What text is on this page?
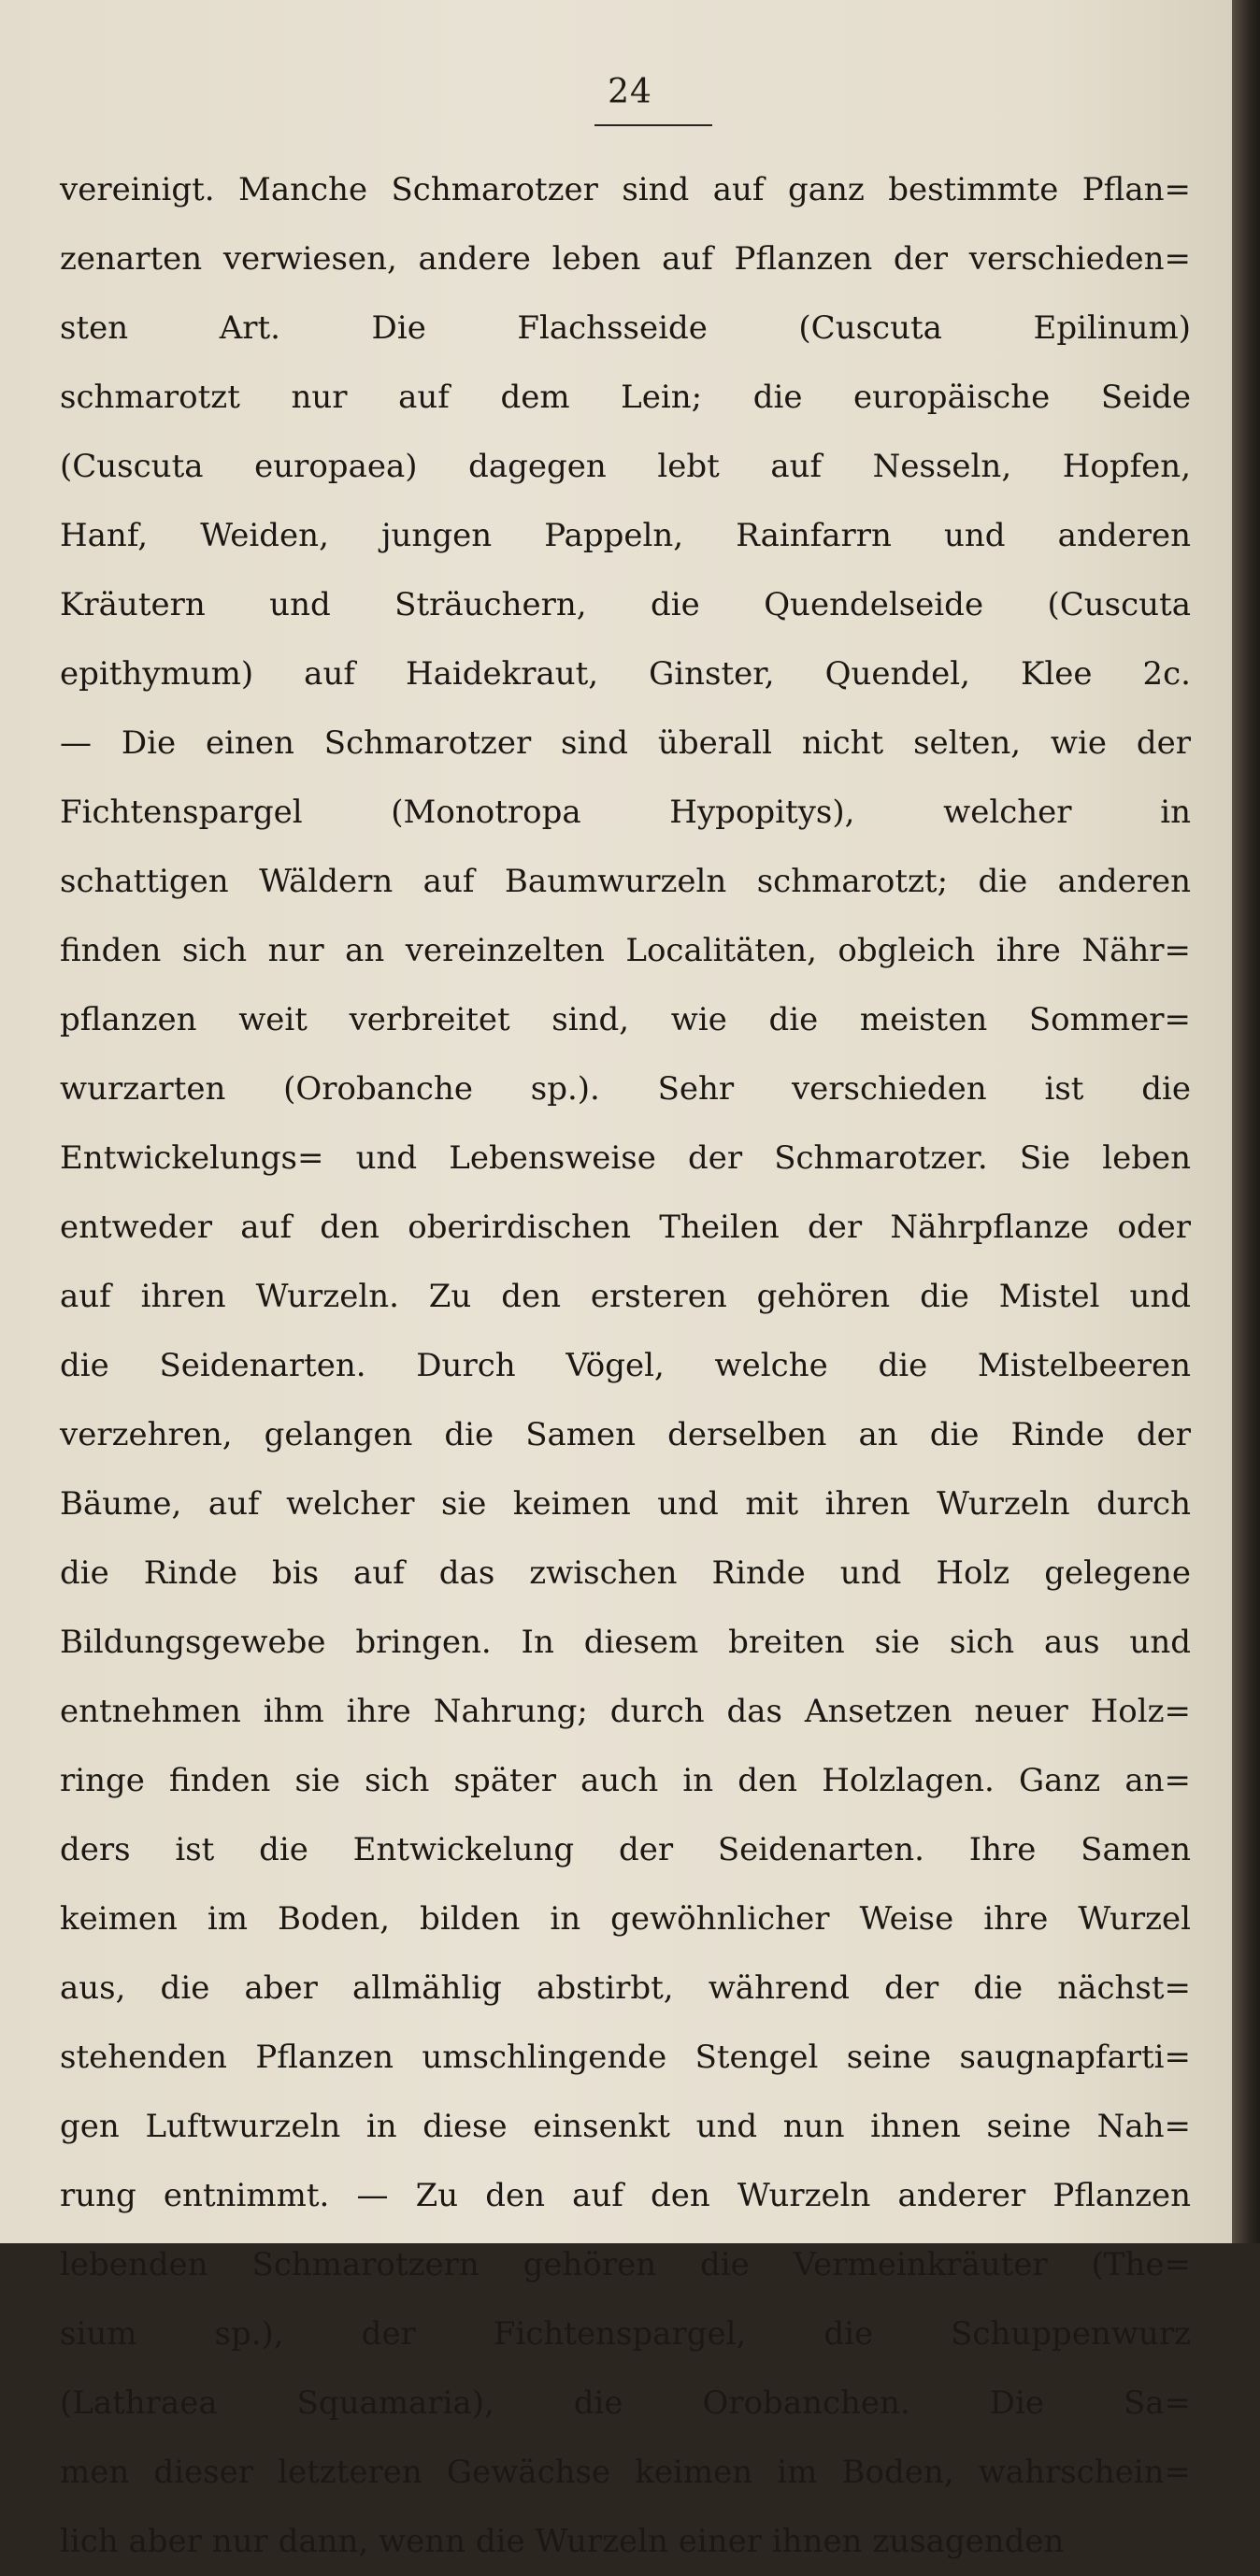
24
vereinigt. Manche Schmarotzer sind auf ganz bestimmte Pflan=
zenarten verwiesen, andere leben auf Pflanzen der verschieden=
sten Art. Die Flachsseide (Cuscuta Epilinum)
schmarotzt nur auf dem Lein; die europäische Seide
(Cuscuta europaea) dagegen lebt auf Nesseln, Hopfen,
Hanf, Weiden, jungen Pappeln, Rainfarrn und anderen
Kräutern und Sträuchern, die Quendelseide (Cuscuta
epithymum) auf Haidekraut, Ginster, Quendel, Klee 2c.
— Die einen Schmarotzer sind überall nicht selten, wie der
Fichtenspargel (Monotropa Hypopitys), welcher in
schattigen Wäldern auf Baumwurzeln schmarotzt; die anderen
finden sich nur an vereinzelten Localitäten, obgleich ihre Nähr=
pflanzen weit verbreitet sind, wie die meisten Sommer=
wurzarten (Orobanche sp.). Sehr verschieden ist die
Entwickelungs= und Lebensweise der Schmarotzer. Sie leben
entweder auf den oberirdischen Theilen der Nährpflanze oder
auf ihren Wurzeln. Zu den ersteren gehören die Mistel und
die Seidenarten. Durch Vögel, welche die Mistelbeeren
verzehren, gelangen die Samen derselben an die Rinde der
Bäume, auf welcher sie keimen und mit ihren Wurzeln durch
die Rinde bis auf das zwischen Rinde und Holz gelegene
Bildungsgewebe bringen. In diesem breiten sie sich aus und
entnehmen ihm ihre Nahrung; durch das Ansetzen neuer Holz=
ringe finden sie sich später auch in den Holzlagen. Ganz an=
ders ist die Entwickelung der Seidenarten. Ihre Samen
keimen im Boden, bilden in gewöhnlicher Weise ihre Wurzel
aus, die aber allmählig abstirbt, während der die nächst=
stehenden Pflanzen umschlingende Stengel seine saugnapfarti=
gen Luftwurzeln in diese einsenkt und nun ihnen seine Nah=
rung entnimmt. — Zu den auf den Wurzeln anderer Pflanzen
lebenden Schmarotzern gehören die Vermeinkräuter (The=
sium sp.), der Fichtenspargel, die Schuppenwurz
(Lathraea Squamaria), die Orobanchen. Die Sa=
men dieser letzteren Gewächse keimen im Boden, wahrschein=
lich aber nur dann, wenn die Wurzeln einer ihnen zusagenden
